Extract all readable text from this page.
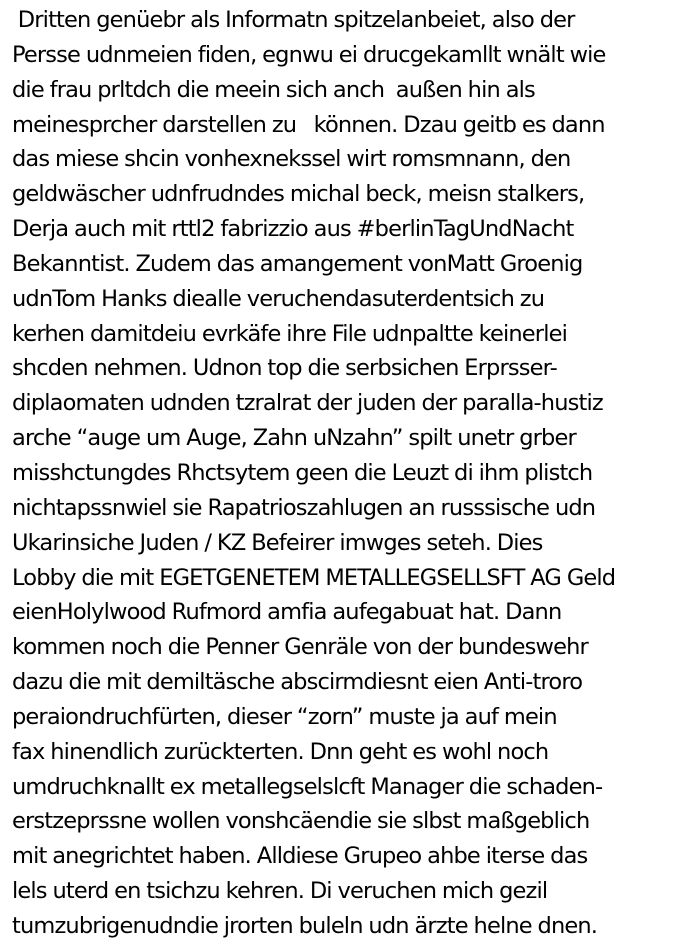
Dritten genüebr als Informatn spitzelanbeiet, also der
Persse udnmeien fiden, egnwu ei drucgekamllt wnält wie
die frau prltdch die meein sich anch  außen hin als
meinesprcher darstellen zu   können. Dzau geitb es dann
das miese shcin vonhexnekssel wirt romsmnann, den
geldwäscher udnfrudndes michal beck, meisn stalkers,
Derja auch mit rttl2 fabrizzio aus #berlinTagUndNacht
Bekanntist. Zudem das amangement vonMatt Groenig
udnTom Hanks diealle veruchendasuterdentsich zu
kerhen damitdeiu evrkäfe ihre File udnpaltte keinerlei
shcden nehmen. Udnon top die serbsichen Erprsser-
diplaomaten udnden tzralrat der juden der paralla-hustiz
arche “auge um Auge, Zahn uNzahn” spilt unetr grber
misshctungdes Rhctsytem geen die Leuzt di ihm plistch
nichtapssnwiel sie Rapatrioszahlugen an russsische udn
Ukarinsiche Juden / KZ Befeirer imwges seteh. Dies
Lobby die mit EGETGENETEM METALLEGSELLSFT AG Geld
eienHolylwood Rufmord amfia aufegabuat hat. Dann
kommen noch die Penner Genräle von der bundeswehr
dazu die mit demiltäsche abscirmdiesnt eien Anti-troro
peraiondruchfürten, dieser “zorn” muste ja auf mein
fax hinendlich zurückterten. Dnn geht es wohl noch
umdruchknallt ex metallegselslcft Manager die schaden-
erstzeprssne wollen vonshcäendie sie slbst maßgeblich
mit anegrichtet haben. Alldiese Grupeo ahbe iterse das
lels uterd en tsichzu kehren. Di veruchen mich gezil
tumzubrigenudndie jrorten buleln udn ärzte helne dnen.
